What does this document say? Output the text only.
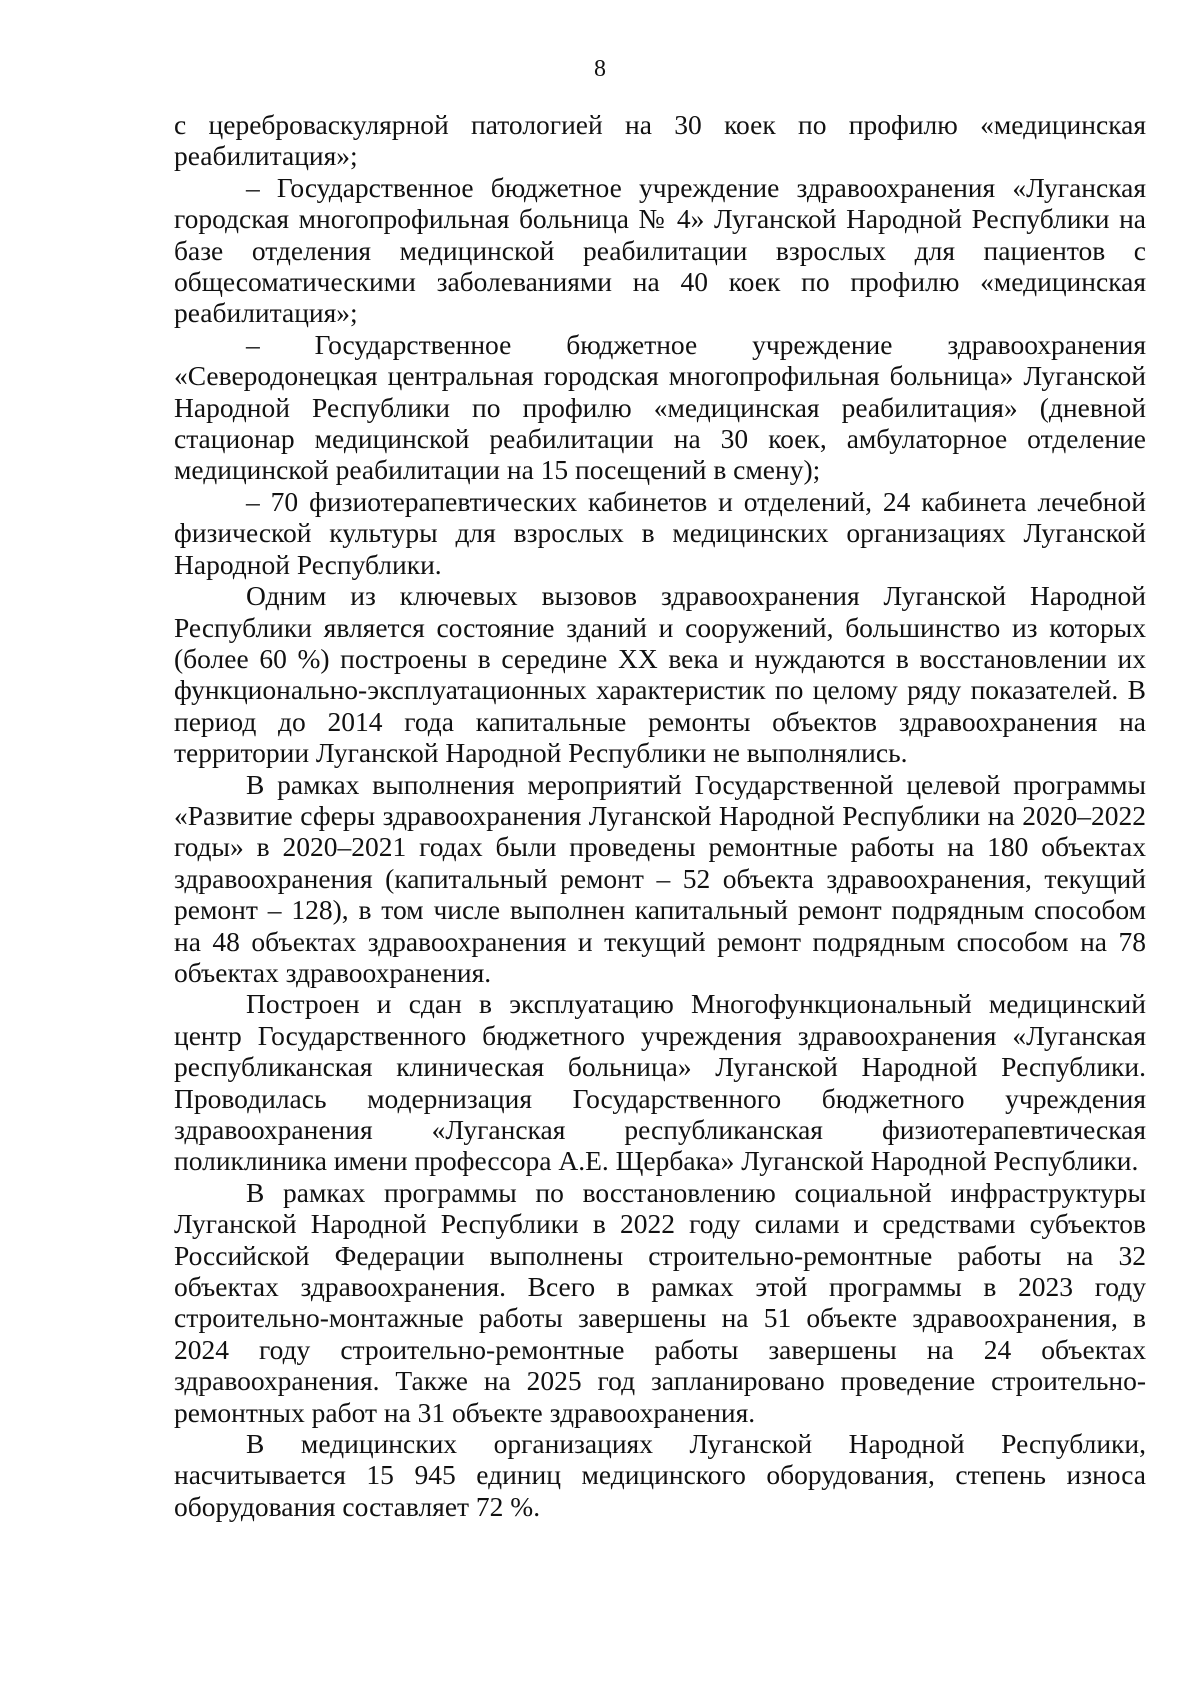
8

с цереброваскулярной патологией на 30 коек по профилю «медицинская реабилитация»;

– Государственное бюджетное учреждение здравоохранения «Луганская городская многопрофильная больница № 4» Луганской Народной Республики на базе отделения медицинской реабилитации взрослых для пациентов с общесоматическими заболеваниями на 40 коек по профилю «медицинская реабилитация»;

– Государственное бюджетное учреждение здравоохранения «Северодонецкая центральная городская многопрофильная больница» Луганской Народной Республики по профилю «медицинская реабилитация» (дневной стационар медицинской реабилитации на 30 коек, амбулаторное отделение медицинской реабилитации на 15 посещений в смену);

– 70 физиотерапевтических кабинетов и отделений, 24 кабинета лечебной физической культуры для взрослых в медицинских организациях Луганской Народной Республики.

Одним из ключевых вызовов здравоохранения Луганской Народной Республики является состояние зданий и сооружений, большинство из которых (более 60 %) построены в середине XX века и нуждаются в восстановлении их функционально-эксплуатационных характеристик по целому ряду показателей. В период до 2014 года капитальные ремонты объектов здравоохранения на территории Луганской Народной Республики не выполнялись.

В рамках выполнения мероприятий Государственной целевой программы «Развитие сферы здравоохранения Луганской Народной Республики на 2020–2022 годы» в 2020–2021 годах были проведены ремонтные работы на 180 объектах здравоохранения (капитальный ремонт – 52 объекта здравоохранения, текущий ремонт – 128), в том числе выполнен капитальный ремонт подрядным способом на 48 объектах здравоохранения и текущий ремонт подрядным способом на 78 объектах здравоохранения.

Построен и сдан в эксплуатацию Многофункциональный медицинский центр Государственного бюджетного учреждения здравоохранения «Луганская республиканская клиническая больница» Луганской Народной Республики. Проводилась модернизация Государственного бюджетного учреждения здравоохранения «Луганская республиканская физиотерапевтическая поликлиника имени профессора А.Е. Щербака» Луганской Народной Республики.

В рамках программы по восстановлению социальной инфраструктуры Луганской Народной Республики в 2022 году силами и средствами субъектов Российской Федерации выполнены строительно-ремонтные работы на 32 объектах здравоохранения. Всего в рамках этой программы в 2023 году строительно-монтажные работы завершены на 51 объекте здравоохранения, в 2024 году строительно-ремонтные работы завершены на 24 объектах здравоохранения. Также на 2025 год запланировано проведение строительно-ремонтных работ на 31 объекте здравоохранения.

В медицинских организациях Луганской Народной Республики, насчитывается 15 945 единиц медицинского оборудования, степень износа оборудования составляет 72 %.
